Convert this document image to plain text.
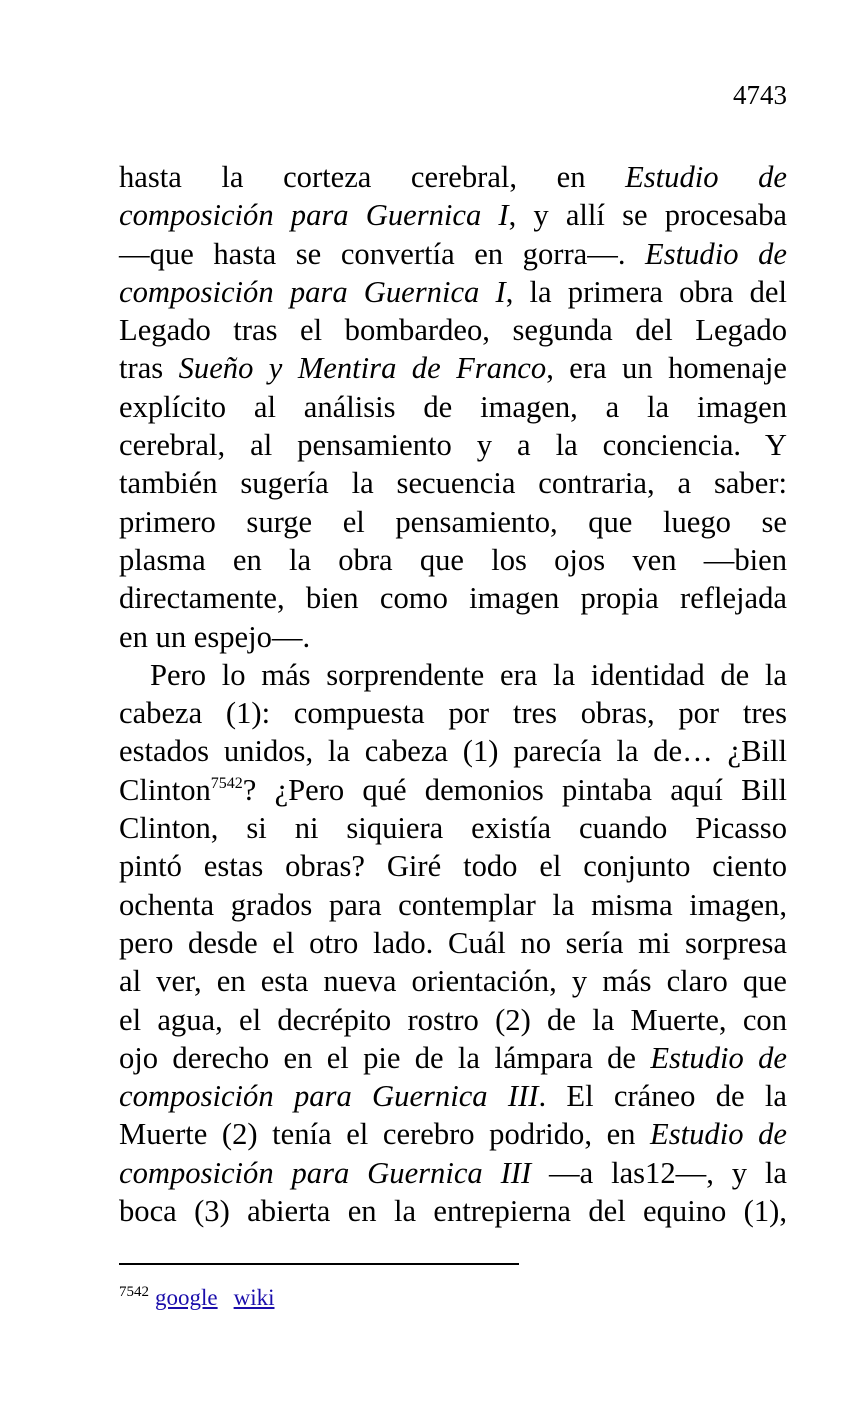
4743
hasta la corteza cerebral, en Estudio de
composición para Guernica I, y allí se procesaba
—que hasta se convertía en gorra—. Estudio de
composición para Guernica I, la primera obra del
Legado tras el bombardeo, segunda del Legado
tras Sueño y Mentira de Franco, era un homenaje
explícito al análisis de imagen, a la imagen
cerebral, al pensamiento y a la conciencia. Y
también sugería la secuencia contraria, a saber:
primero surge el pensamiento, que luego se
plasma en la obra que los ojos ven —bien
directamente, bien como imagen propia reflejada
en un espejo—.
Pero lo más sorprendente era la identidad de la
cabeza (1): compuesta por tres obras, por tres
estados unidos, la cabeza (1) parecía la de… ¿Bill
Clinton$^{7542}$? ¿Pero qué demonios pintaba aquí Bill
Clinton, si ni siquiera existía cuando Picasso
pintó estas obras? Giré todo el conjunto ciento
ochenta grados para contemplar la misma imagen,
pero desde el otro lado. Cuál no sería mi sorpresa
al ver, en esta nueva orientación, y más claro que
el agua, el decrépito rostro (2) de la Muerte, con
ojo derecho en el pie de la lámpara de Estudio de
composición para Guernica III. El cráneo de la
Muerte (2) tenía el cerebro podrido, en Estudio de
composición para Guernica III —a las12—, y la
boca (3) abierta en la entrepierna del equino (1),
$^{7542}$ google wiki
